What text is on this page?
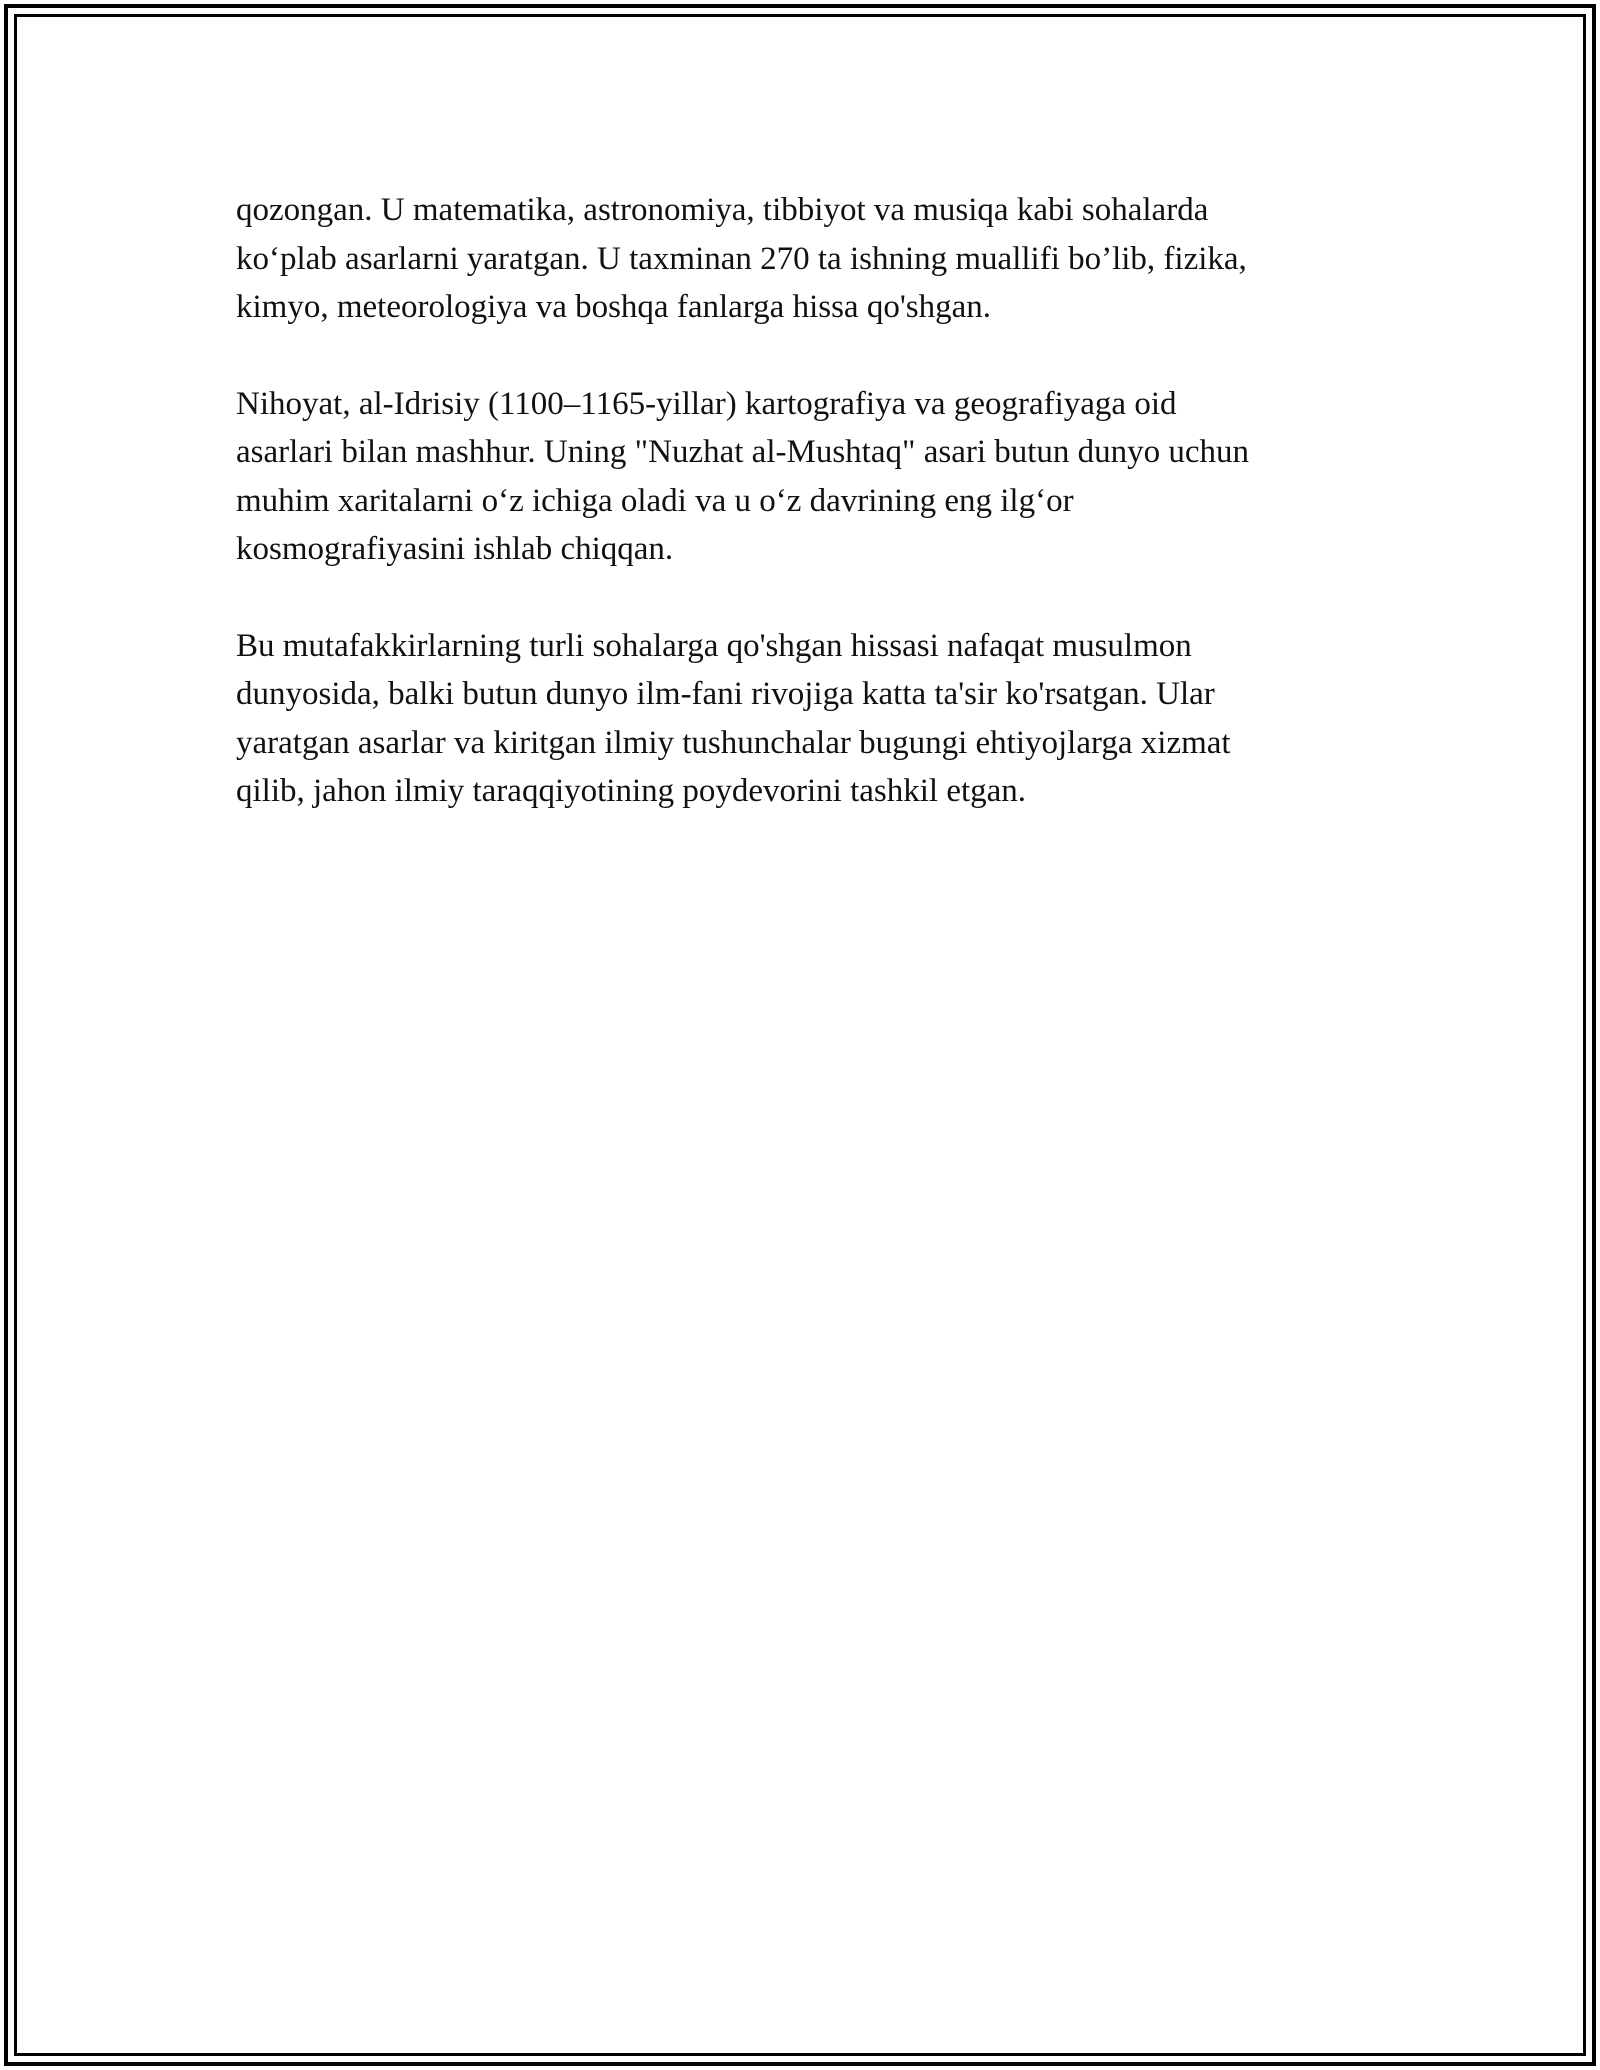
qozongan. U matematika, astronomiya, tibbiyot va musiqa kabi sohalarda
ko‘plab asarlarni yaratgan. U taxminan 270 ta ishning muallifi bo’lib, fizika,
kimyo, meteorologiya va boshqa fanlarga hissa qo'shgan.

Nihoyat, al-Idrisiy (1100–1165-yillar) kartografiya va geografiyaga oid
asarlari bilan mashhur. Uning "Nuzhat al-Mushtaq" asari butun dunyo uchun
muhim xaritalarni o‘z ichiga oladi va u o‘z davrining eng ilg‘or
kosmografiyasini ishlab chiqqan.

Bu mutafakkirlarning turli sohalarga qo'shgan hissasi nafaqat musulmon
dunyosida, balki butun dunyo ilm-fani rivojiga katta ta'sir ko'rsatgan. Ular
yaratgan asarlar va kiritgan ilmiy tushunchalar bugungi ehtiyojlarga xizmat
qilib, jahon ilmiy taraqqiyotining poydevorini tashkil etgan.
